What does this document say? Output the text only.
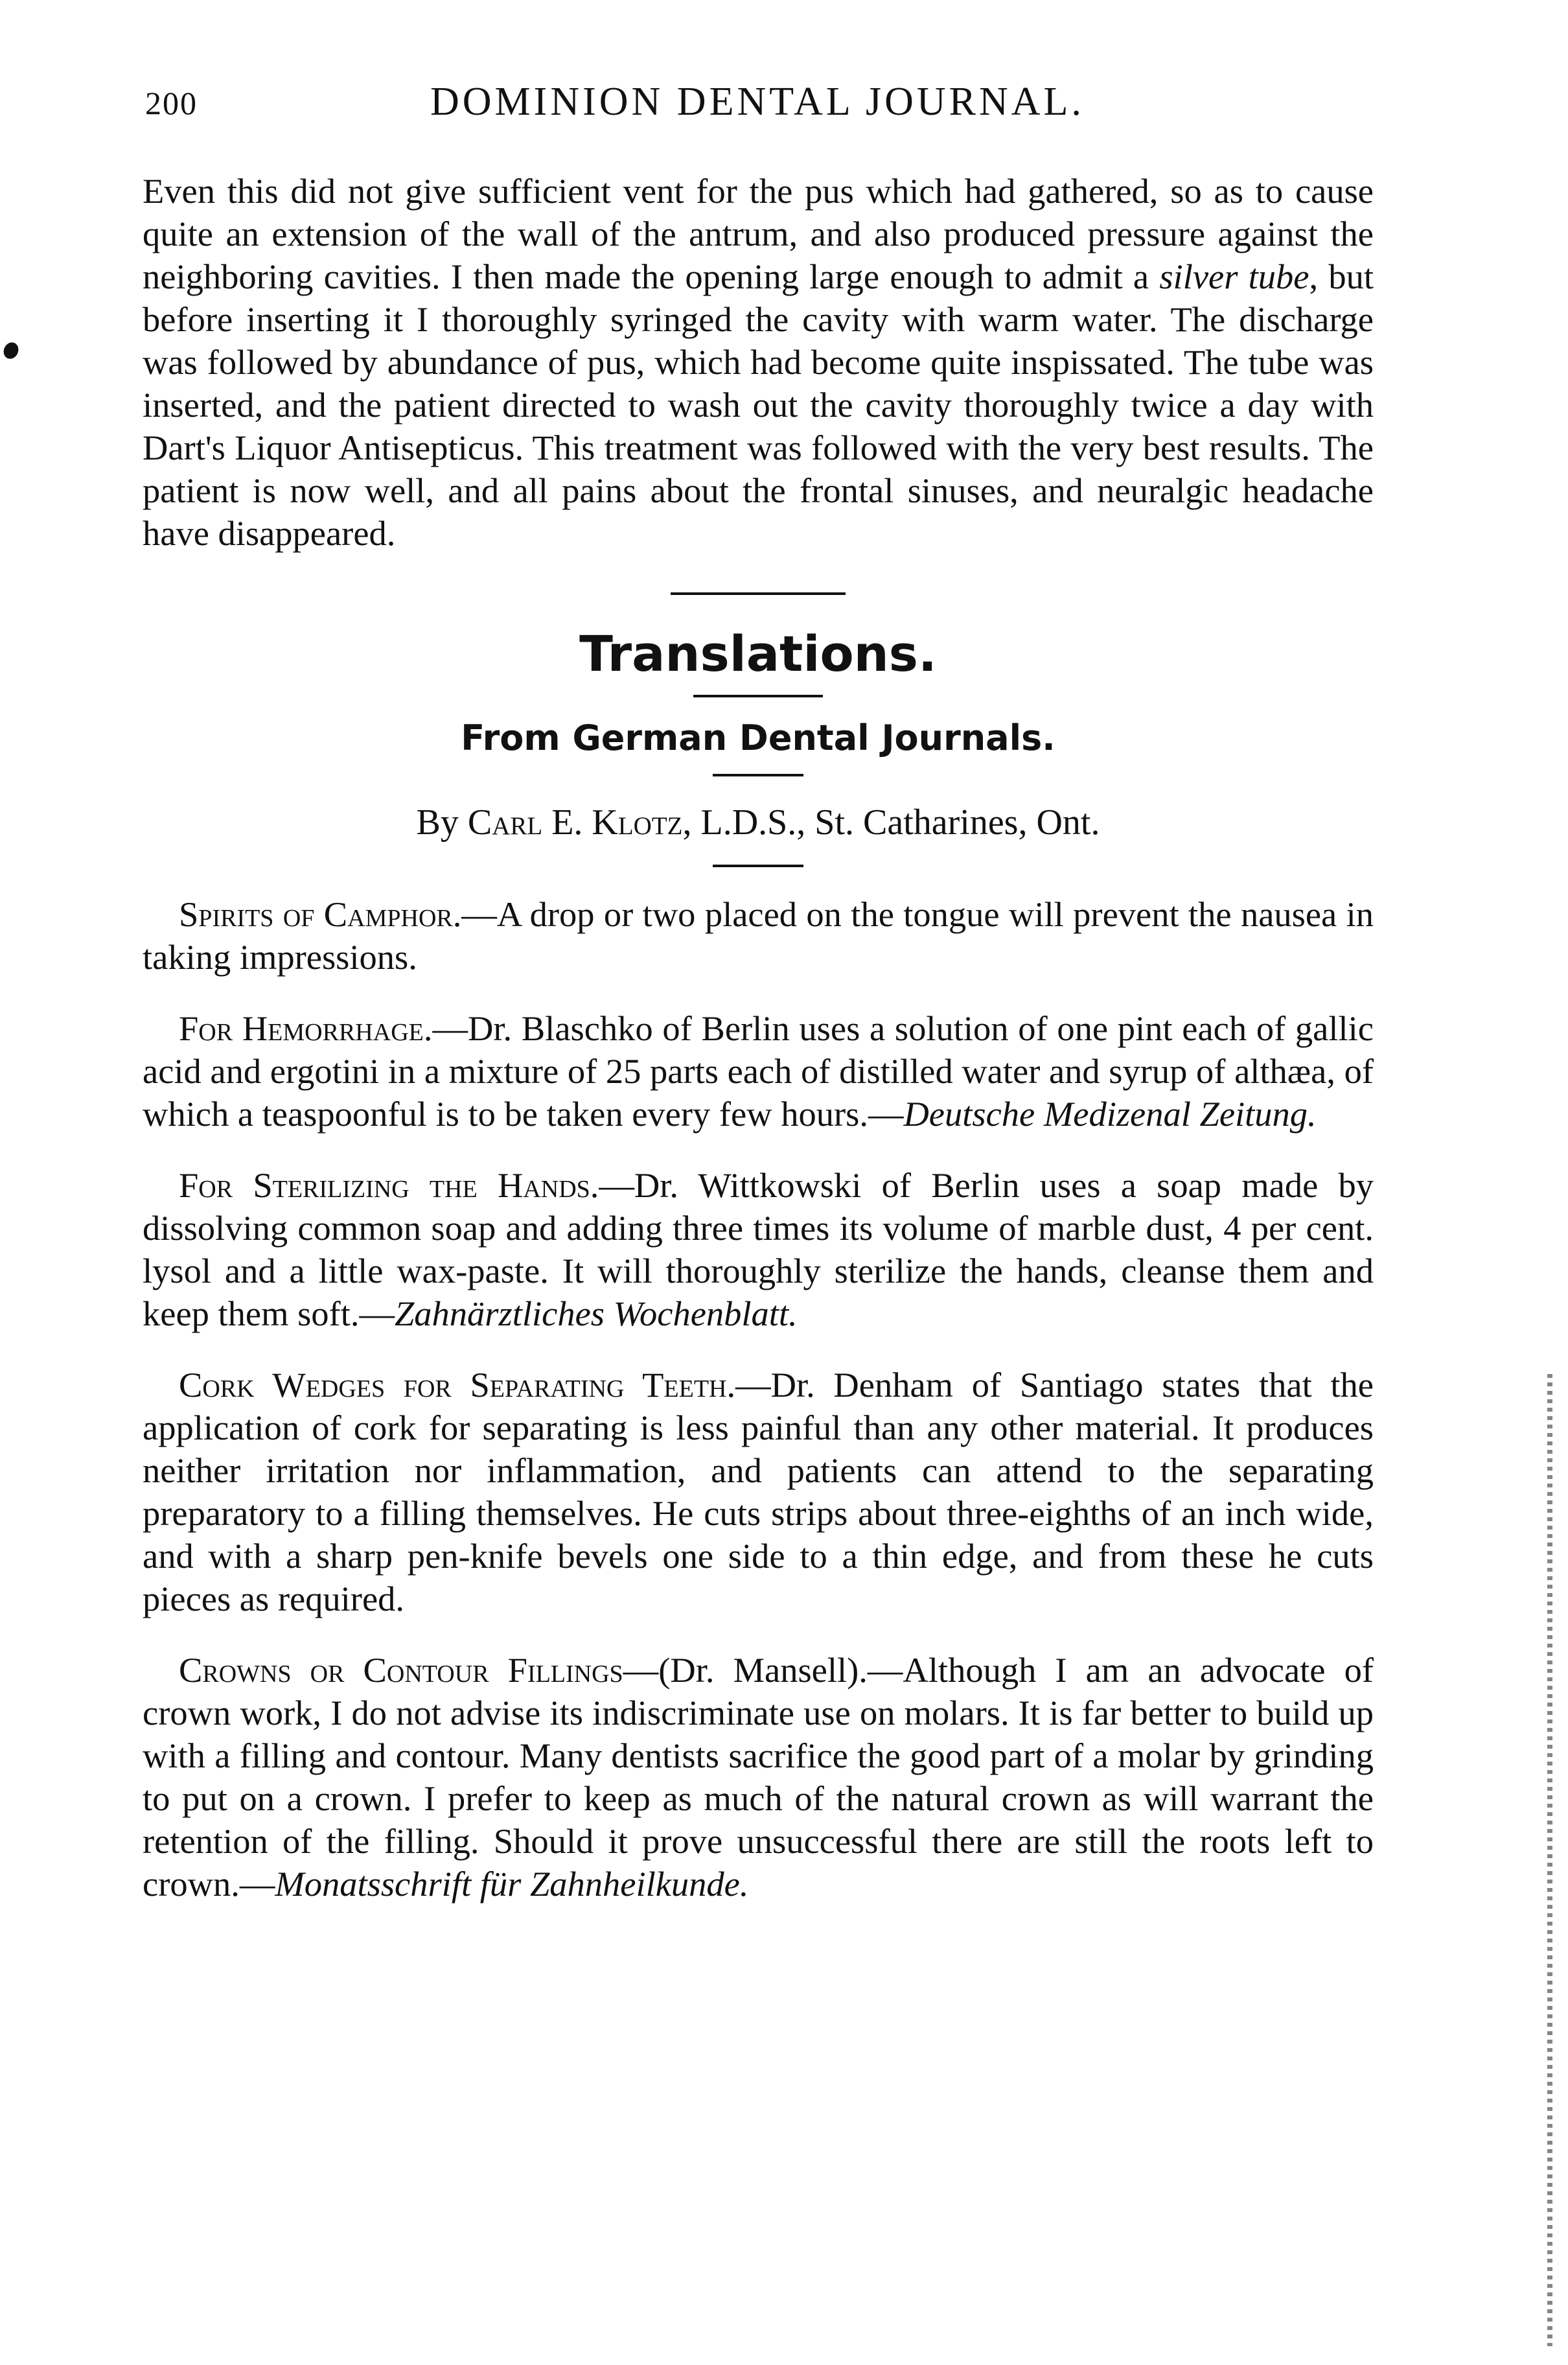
200	DOMINION DENTAL JOURNAL.

Even this did not give sufficient vent for the pus which had gathered, so as to cause quite an extension of the wall of the antrum, and also produced pressure against the neighboring cavities. I then made the opening large enough to admit a silver tube, but before inserting it I thoroughly syringed the cavity with warm water. The discharge was followed by abundance of pus, which had become quite inspissated. The tube was inserted, and the patient directed to wash out the cavity thoroughly twice a day with Dart's Liquor Antisepticus. This treatment was followed with the very best results. The patient is now well, and all pains about the frontal sinuses, and neuralgic headache have disappeared.

Translations.
From German Dental Journals.

By Carl E. Klotz, L.D.S., St. Catharines, Ont.

Spirits of Camphor.—A drop or two placed on the tongue will prevent the nausea in taking impressions.

For Hemorrhage.—Dr. Blaschko of Berlin uses a solution of one pint each of gallic acid and ergotini in a mixture of 25 parts each of distilled water and syrup of althæa, of which a teaspoonful is to be taken every few hours.—Deutsche Medizenal Zeitung.

For Sterilizing the Hands.—Dr. Wittkowski of Berlin uses a soap made by dissolving common soap and adding three times its volume of marble dust, 4 per cent. lysol and a little wax-paste. It will thoroughly sterilize the hands, cleanse them and keep them soft.—Zahnärztliches Wochenblatt.

Cork Wedges for Separating Teeth.—Dr. Denham of Santiago states that the application of cork for separating is less painful than any other material. It produces neither irritation nor inflammation, and patients can attend to the separating preparatory to a filling themselves. He cuts strips about three-eighths of an inch wide, and with a sharp pen-knife bevels one side to a thin edge, and from these he cuts pieces as required.

Crowns or Contour Fillings—(Dr. Mansell).—Although I am an advocate of crown work, I do not advise its indiscriminate use on molars. It is far better to build up with a filling and contour. Many dentists sacrifice the good part of a molar by grinding to put on a crown. I prefer to keep as much of the natural crown as will warrant the retention of the filling. Should it prove unsuccessful there are still the roots left to crown.—Monatsschrift für Zahnheilkunde.
